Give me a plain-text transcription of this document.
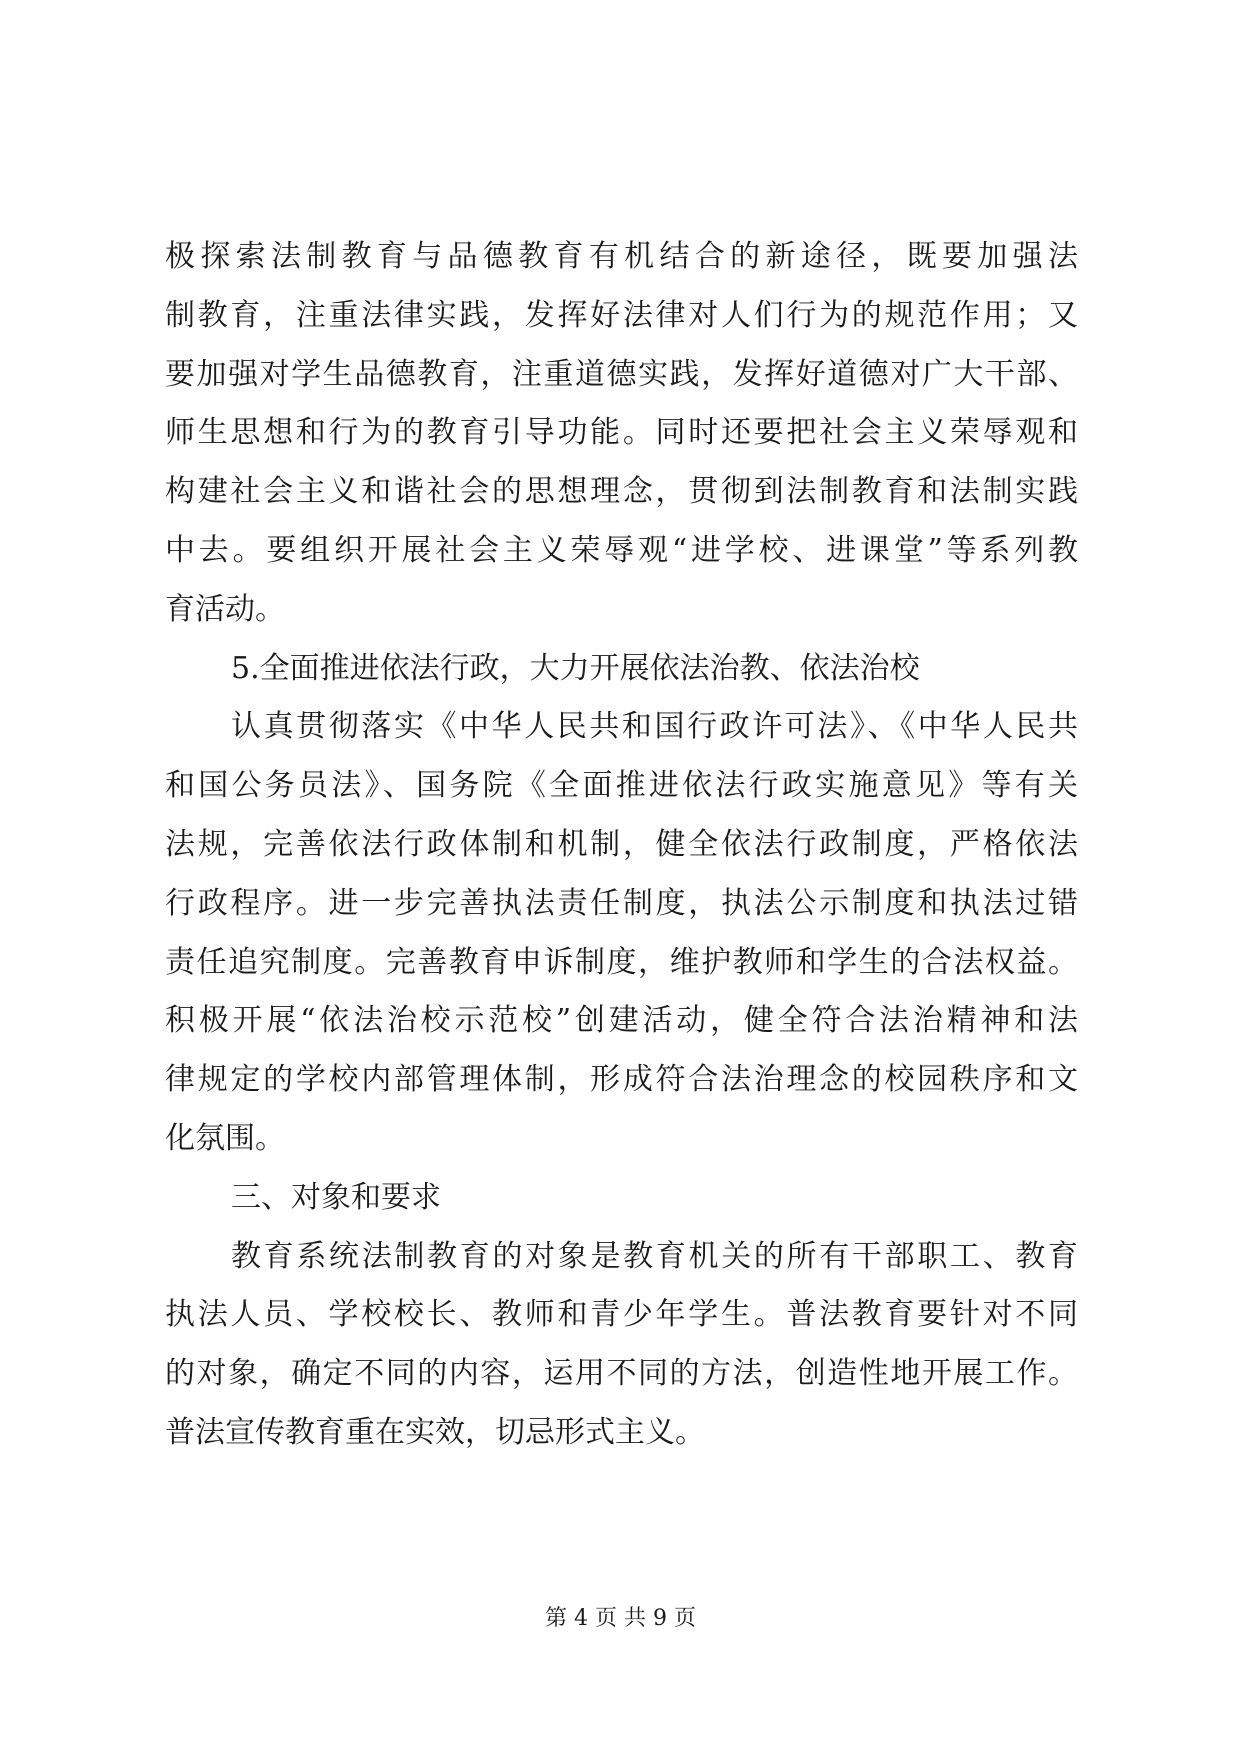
极探索法制教育与品德教育有机结合的新途径，既要加强法
制教育，注重法律实践，发挥好法律对人们行为的规范作用；又
要加强对学生品德教育，注重道德实践，发挥好道德对广大干部、
师生思想和行为的教育引导功能。同时还要把社会主义荣辱观和
构建社会主义和谐社会的思想理念，贯彻到法制教育和法制实践
中去。要组织开展社会主义荣辱观“进学校、进课堂”等系列教
育活动。
5.全面推进依法行政，大力开展依法治教、依法治校
认真贯彻落实《中华人民共和国行政许可法》、《中华人民共
和国公务员法》、国务院《全面推进依法行政实施意见》等有关
法规，完善依法行政体制和机制，健全依法行政制度，严格依法
行政程序。进一步完善执法责任制度，执法公示制度和执法过错
责任追究制度。完善教育申诉制度，维护教师和学生的合法权益。
积极开展“依法治校示范校”创建活动，健全符合法治精神和法
律规定的学校内部管理体制，形成符合法治理念的校园秩序和文
化氛围。
三、对象和要求
教育系统法制教育的对象是教育机关的所有干部职工、教育
执法人员、学校校长、教师和青少年学生。普法教育要针对不同
的对象，确定不同的内容，运用不同的方法，创造性地开展工作。
普法宣传教育重在实效，切忌形式主义。
第 4 页 共 9 页
